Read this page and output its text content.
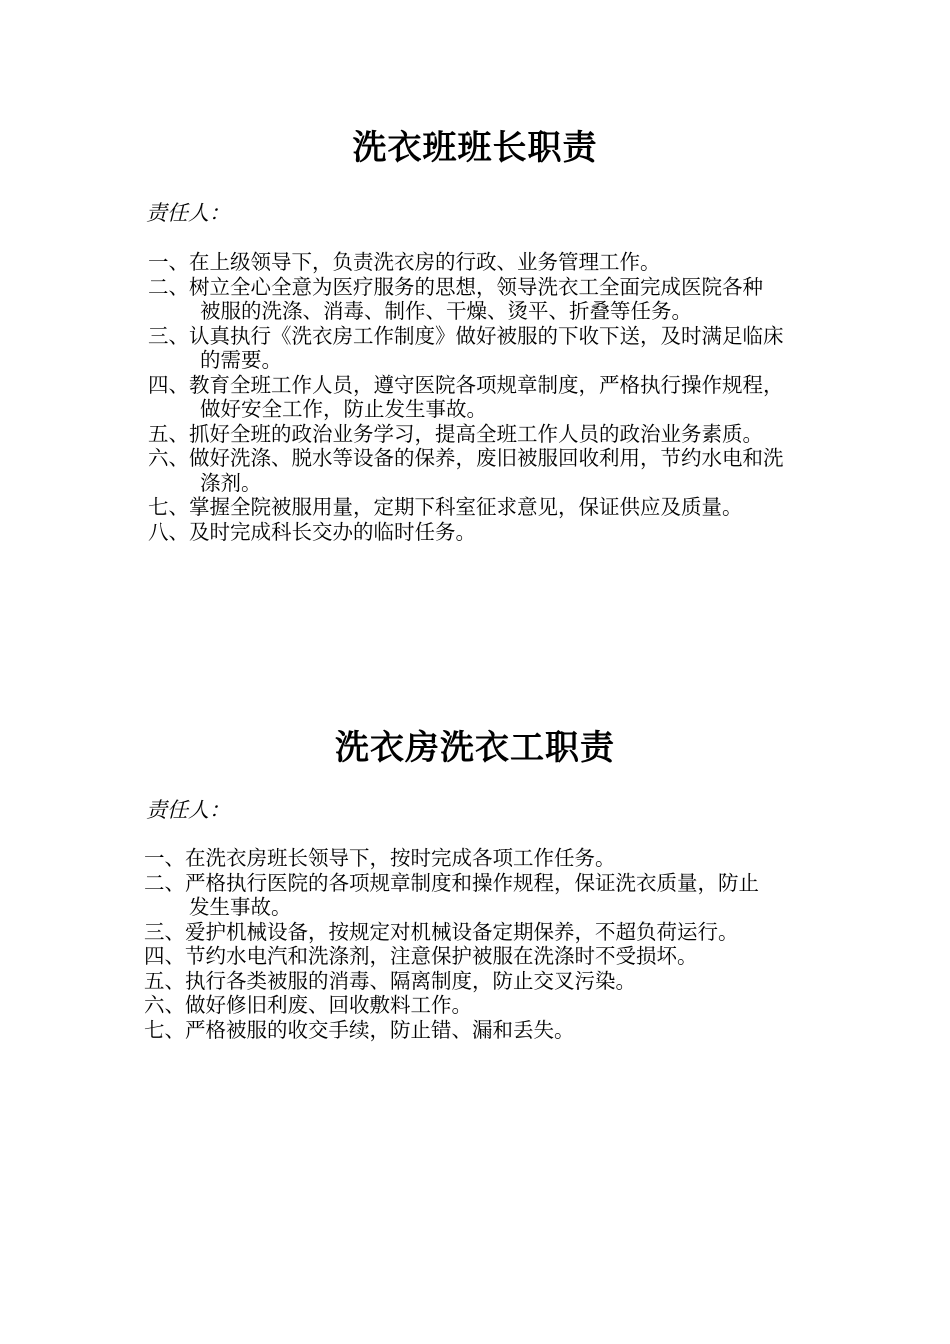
洗衣班班长职责
责任人：
一、在上级领导下，负责洗衣房的行政、业务管理工作。
二、树立全心全意为医疗服务的思想，领导洗衣工全面完成医院各种
被服的洗涤、消毒、制作、干燥、烫平、折叠等任务。
三、认真执行《洗衣房工作制度》做好被服的下收下送，及时满足临床
的需要。
四、教育全班工作人员，遵守医院各项规章制度，严格执行操作规程，
做好安全工作，防止发生事故。
五、抓好全班的政治业务学习，提高全班工作人员的政治业务素质。
六、做好洗涤、脱水等设备的保养，废旧被服回收利用，节约水电和洗
涤剂。
七、掌握全院被服用量，定期下科室征求意见，保证供应及质量。
八、及时完成科长交办的临时任务。
洗衣房洗衣工职责
责任人：
一、在洗衣房班长领导下，按时完成各项工作任务。
二、严格执行医院的各项规章制度和操作规程，保证洗衣质量，防止
发生事故。
三、爱护机械设备，按规定对机械设备定期保养，不超负荷运行。
四、节约水电汽和洗涤剂，注意保护被服在洗涤时不受损坏。
五、执行各类被服的消毒、隔离制度，防止交叉污染。
六、做好修旧利废、回收敷料工作。
七、严格被服的收交手续，防止错、漏和丢失。
